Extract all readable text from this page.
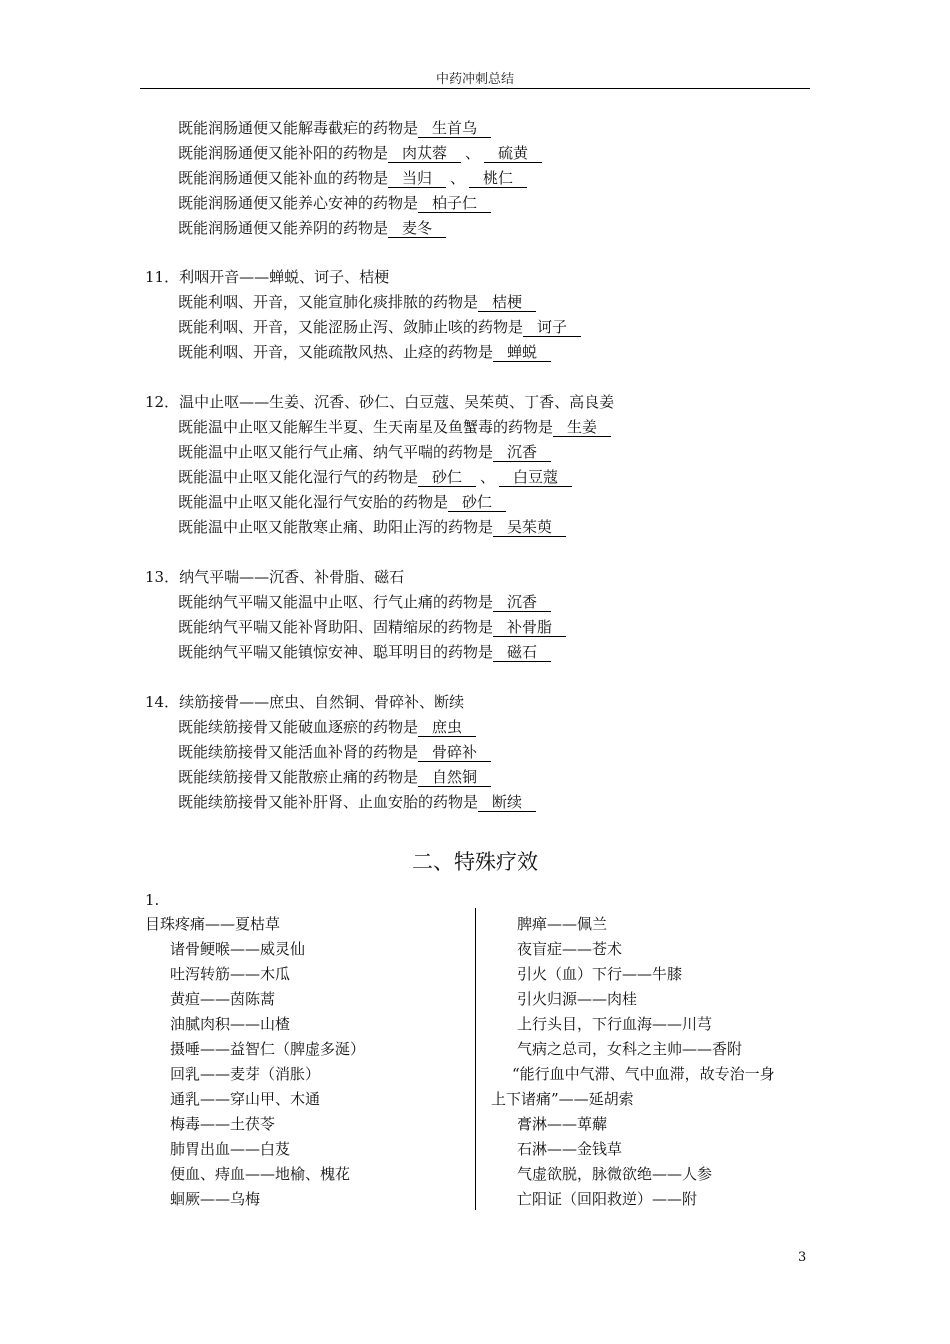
中药冲刺总结
既能润肠通便又能解毒截疟的药物是 生首乌
既能润肠通便又能补阳的药物是 肉苁蓉 、 硫黄
既能润肠通便又能补血的药物是 当归 、 桃仁
既能润肠通便又能养心安神的药物是 柏子仁
既能润肠通便又能养阴的药物是 麦冬
11．利咽开音——蝉蜕、诃子、桔梗
既能利咽、开音，又能宣肺化痰排脓的药物是 桔梗
既能利咽、开音，又能涩肠止泻、敛肺止咳的药物是 诃子
既能利咽、开音，又能疏散风热、止痉的药物是 蝉蜕
12．温中止呕——生姜、沉香、砂仁、白豆蔻、吴茱萸、丁香、高良姜
既能温中止呕又能解生半夏、生天南星及鱼蟹毒的药物是 生姜
既能温中止呕又能行气止痛、纳气平喘的药物是 沉香
既能温中止呕又能化湿行气的药物是 砂仁 、 白豆蔻
既能温中止呕又能化湿行气安胎的药物是 砂仁
既能温中止呕又能散寒止痛、助阳止泻的药物是 吴茱萸
13．纳气平喘——沉香、补骨脂、磁石
既能纳气平喘又能温中止呕、行气止痛的药物是 沉香
既能纳气平喘又能补肾助阳、固精缩尿的药物是 补骨脂
既能纳气平喘又能镇惊安神、聪耳明目的药物是 磁石
14．续筋接骨——庶虫、自然铜、骨碎补、断续
既能续筋接骨又能破血逐瘀的药物是 庶虫
既能续筋接骨又能活血补肾的药物是 骨碎补
既能续筋接骨又能散瘀止痛的药物是 自然铜
既能续筋接骨又能补肝肾、止血安胎的药物是 断续
1.
目珠疼痛——夏枯草
诸骨鲠喉——威灵仙
吐泻转筋——木瓜
黄疸——茵陈蒿
油腻肉积——山楂
摄唾——益智仁（脾虚多涎）
回乳——麦芽（消胀）
通乳——穿山甲、木通
梅毒——土茯苓
肺胃出血——白芨
便血、痔血——地榆、槐花
蛔厥——乌梅
脾瘅——佩兰
夜盲症——苍术
引火（血）下行——牛膝
引火归源——肉桂
上行头目，下行血海——川芎
气病之总司，女科之主帅——香附
“能行血中气滞、气中血滞，故专治一身
上下诸痛”——延胡索
膏淋——萆薢
石淋——金钱草
气虚欲脱，脉微欲绝——人参
亡阳证（回阳救逆）——附
二、特殊疗效
3
